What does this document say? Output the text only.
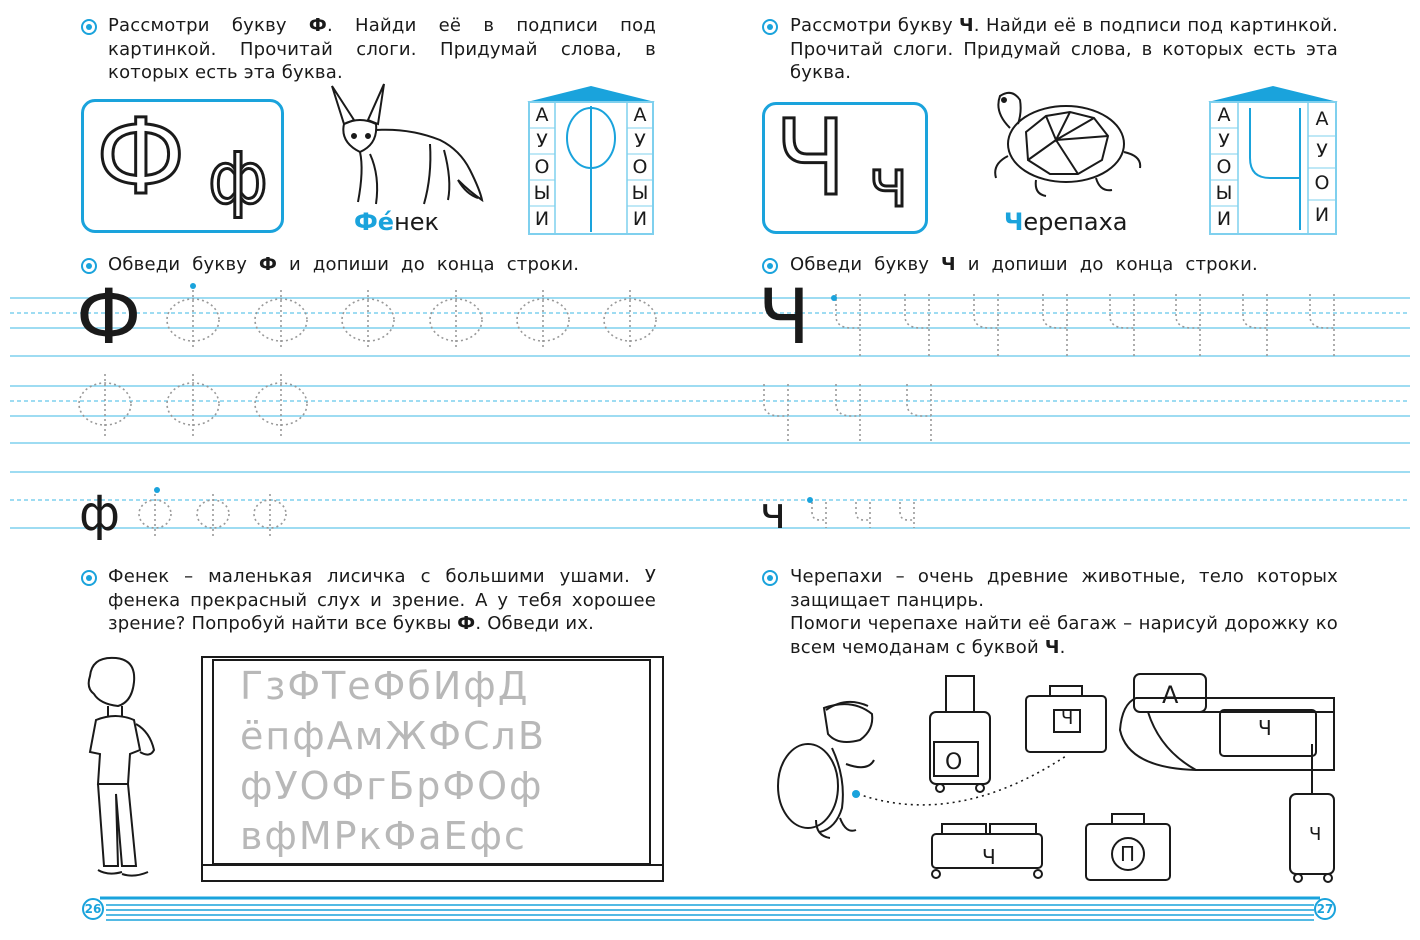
Рассмотри букву Ф. Найди её в подписи под картинкой. Прочитай слоги. Придумай слова, в которых есть эта буква.
Ф ф
Фе́нек
А
У
О
Ы
И
А
У
О
Ы
И
Обведи букву Ф и допиши до конца строки.
Ф
ф
Фенек – маленькая лисичка с большими ушами. У фенека прекрасный слух и зрение. А у тебя хорошее зрение? Попробуй найти все буквы Ф. Обведи их.
ГзФТеФбИфД
ёпфАмЖФСлВ
фУОФгБрФОф
вфМРкФаЕфс
26	27
Рассмотри букву Ч. Найди её в подписи под картинкой. Прочитай слоги. Придумай слова, в которых есть эта буква.
Ч ч	Черепаха
А
У
О
Ы
И
А
У
О
И
Обведи букву Ч и допиши до конца строки.
Ч
ч
Черепахи – очень древние животные, тело которых защищает панцирь.
Помоги черепахе найти её багаж – нарисуй дорожку ко всем чемоданам с буквой Ч.
О
Ч
А
Ч
Ч
Ч	П
